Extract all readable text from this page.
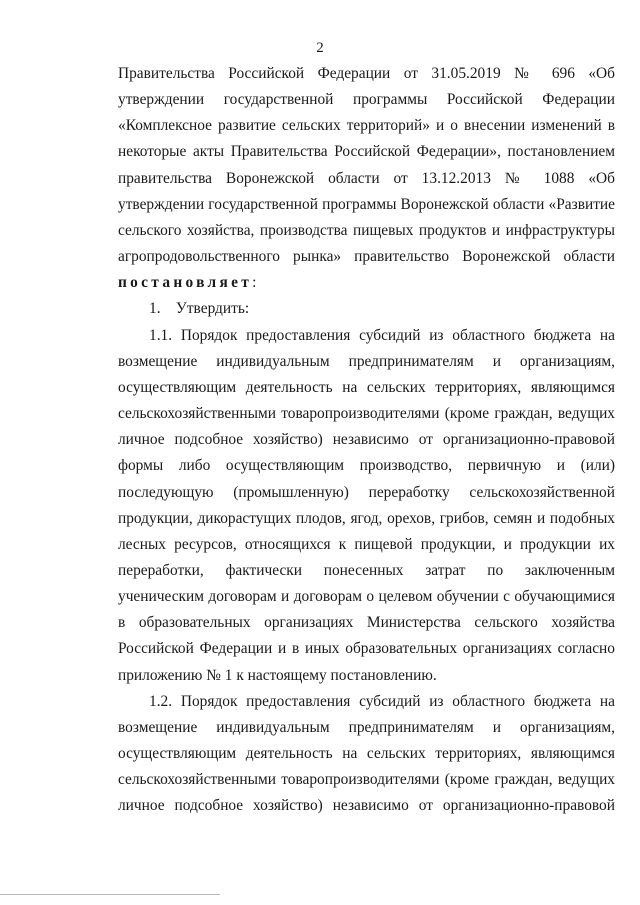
2

Правительства Российской Федерации от 31.05.2019 № 696 «Об утверждении государственной программы Российской Федерации «Комплексное развитие сельских территорий» и о внесении изменений в некоторые акты Правительства Российской Федерации», постановлением правительства Воронежской области от 13.12.2013 № 1088 «Об утверждении государственной программы Воронежской области «Развитие сельского хозяйства, производства пищевых продуктов и инфраструктуры агропродовольственного рынка» правительство Воронежской области постановляет:

1.    Утвердить:

1.1. Порядок предоставления субсидий из областного бюджета на возмещение индивидуальным предпринимателям и организациям, осуществляющим деятельность на сельских территориях, являющимся сельскохозяйственными товаропроизводителями (кроме граждан, ведущих личное подсобное хозяйство) независимо от организационно-правовой формы либо осуществляющим производство, первичную и (или) последующую (промышленную) переработку сельскохозяйственной продукции, дикорастущих плодов, ягод, орехов, грибов, семян и подобных лесных ресурсов, относящихся к пищевой продукции, и продукции их переработки, фактически понесенных затрат по заключенным ученическим договорам и договорам о целевом обучении с обучающимися в образовательных организациях Министерства сельского хозяйства Российской Федерации и в иных образовательных организациях согласно приложению № 1 к настоящему постановлению.

1.2. Порядок предоставления субсидий из областного бюджета на возмещение индивидуальным предпринимателям и организациям, осуществляющим деятельность на сельских территориях, являющимся сельскохозяйственными товаропроизводителями (кроме граждан, ведущих личное подсобное хозяйство) независимо от организационно-правовой
